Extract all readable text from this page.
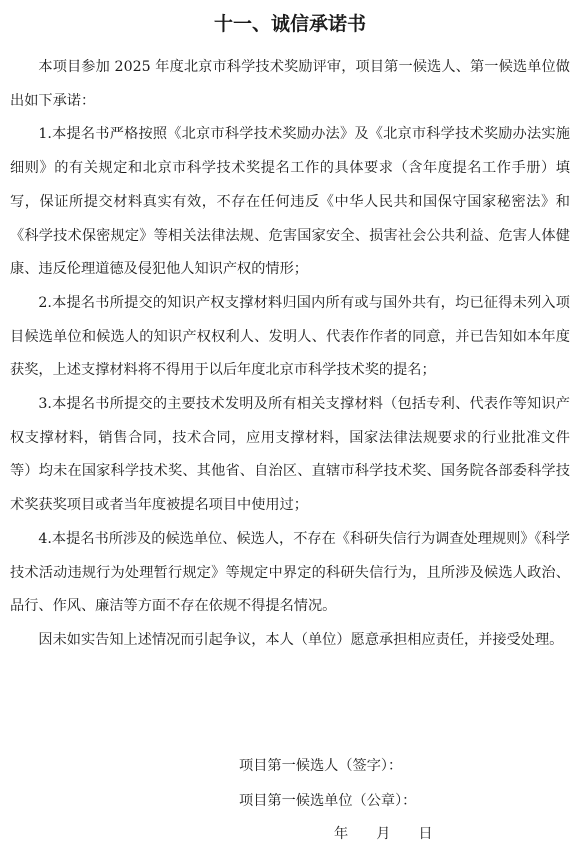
十一、诚信承诺书

本项目参加 2025 年度北京市科学技术奖励评审，项目第一候选人、第一候选单位做出如下承诺：

1.本提名书严格按照《北京市科学技术奖励办法》及《北京市科学技术奖励办法实施细则》的有关规定和北京市科学技术奖提名工作的具体要求（含年度提名工作手册）填写，保证所提交材料真实有效，不存在任何违反《中华人民共和国保守国家秘密法》和《科学技术保密规定》等相关法律法规、危害国家安全、损害社会公共利益、危害人体健康、违反伦理道德及侵犯他人知识产权的情形；

2.本提名书所提交的知识产权支撑材料归国内所有或与国外共有，均已征得未列入项目候选单位和候选人的知识产权权利人、发明人、代表作作者的同意，并已告知如本年度获奖，上述支撑材料将不得用于以后年度北京市科学技术奖的提名；

3.本提名书所提交的主要技术发明及所有相关支撑材料（包括专利、代表作等知识产权支撑材料，销售合同，技术合同，应用支撑材料，国家法律法规要求的行业批准文件等）均未在国家科学技术奖、其他省、自治区、直辖市科学技术奖、国务院各部委科学技术奖获奖项目或者当年度被提名项目中使用过；

4.本提名书所涉及的候选单位、候选人，不存在《科研失信行为调查处理规则》《科学技术活动违规行为处理暂行规定》等规定中界定的科研失信行为，且所涉及候选人政治、品行、作风、廉洁等方面不存在依规不得提名情况。

因未如实告知上述情况而引起争议，本人（单位）愿意承担相应责任，并接受处理。

项目第一候选人（签字）：
项目第一候选单位（公章）：
年 月 日
